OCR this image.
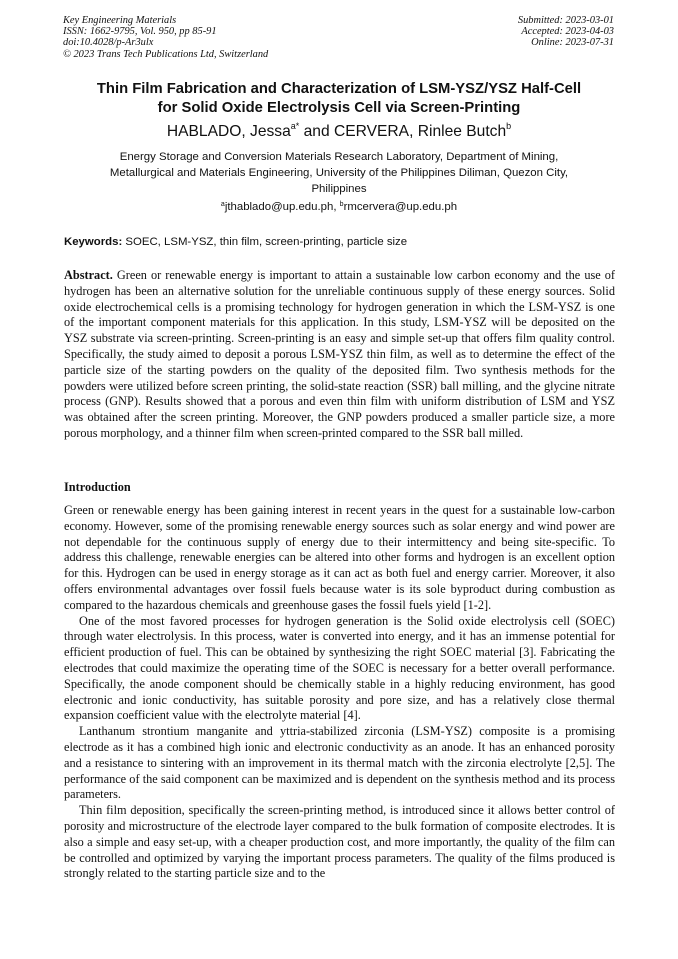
Key Engineering Materials
ISSN: 1662-9795, Vol. 950, pp 85-91
doi:10.4028/p-Ar3ulx
© 2023 Trans Tech Publications Ltd, Switzerland
Submitted: 2023-03-01
Accepted: 2023-04-03
Online: 2023-07-31
Thin Film Fabrication and Characterization of LSM-YSZ/YSZ Half-Cell
for Solid Oxide Electrolysis Cell via Screen-Printing
HABLADO, Jessa$^{a*}$ and CERVERA, Rinlee Butch$^b$
Energy Storage and Conversion Materials Research Laboratory, Department of Mining,
Metallurgical and Materials Engineering, University of the Philippines Diliman, Quezon City,
Philippines
$^a$jthablado@up.edu.ph, $^b$rmcervera@up.edu.ph
Keywords: SOEC, LSM-YSZ, thin film, screen-printing, particle size
Abstract. Green or renewable energy is important to attain a sustainable low carbon economy and the use of hydrogen has been an alternative solution for the unreliable continuous supply of these energy sources. Solid oxide electrochemical cells is a promising technology for hydrogen generation in which the LSM-YSZ is one of the important component materials for this application. In this study, LSM-YSZ will be deposited on the YSZ substrate via screen-printing. Screen-printing is an easy and simple set-up that offers film quality control. Specifically, the study aimed to deposit a porous LSM-YSZ thin film, as well as to determine the effect of the particle size of the starting powders on the quality of the deposited film. Two synthesis methods for the powders were utilized before screen printing, the solid-state reaction (SSR) ball milling, and the glycine nitrate process (GNP). Results showed that a porous and even thin film with uniform distribution of LSM and YSZ was obtained after the screen printing. Moreover, the GNP powders produced a smaller particle size, a more porous morphology, and a thinner film when screen-printed compared to the SSR ball milled.
Introduction

Green or renewable energy has been gaining interest in recent years in the quest for a sustainable low-carbon economy. However, some of the promising renewable energy sources such as solar energy and wind power are not dependable for the continuous supply of energy due to their intermittency and being site-specific. To address this challenge, renewable energies can be altered into other forms and hydrogen is an excellent option for this. Hydrogen can be used in energy storage as it can act as both fuel and energy carrier. Moreover, it also offers environmental advantages over fossil fuels because water is its sole byproduct during combustion as compared to the hazardous chemicals and greenhouse gases the fossil fuels yield [1-2].

One of the most favored processes for hydrogen generation is the Solid oxide electrolysis cell (SOEC) through water electrolysis. In this process, water is converted into energy, and it has an immense potential for efficient production of fuel. This can be obtained by synthesizing the right SOEC material [3]. Fabricating the electrodes that could maximize the operating time of the SOEC is necessary for a better overall performance. Specifically, the anode component should be chemically stable in a highly reducing environment, has good electronic and ionic conductivity, has suitable porosity and pore size, and has a relatively close thermal expansion coefficient value with the electrolyte material [4].

Lanthanum strontium manganite and yttria-stabilized zirconia (LSM-YSZ) composite is a promising electrode as it has a combined high ionic and electronic conductivity as an anode. It has an enhanced porosity and a resistance to sintering with an improvement in its thermal match with the zirconia electrolyte [2,5]. The performance of the said component can be maximized and is dependent on the synthesis method and its process parameters.

Thin film deposition, specifically the screen-printing method, is introduced since it allows better control of porosity and microstructure of the electrode layer compared to the bulk formation of composite electrodes. It is also a simple and easy set-up, with a cheaper production cost, and more importantly, the quality of the film can be controlled and optimized by varying the important process parameters. The quality of the films produced is strongly related to the starting particle size and to the
